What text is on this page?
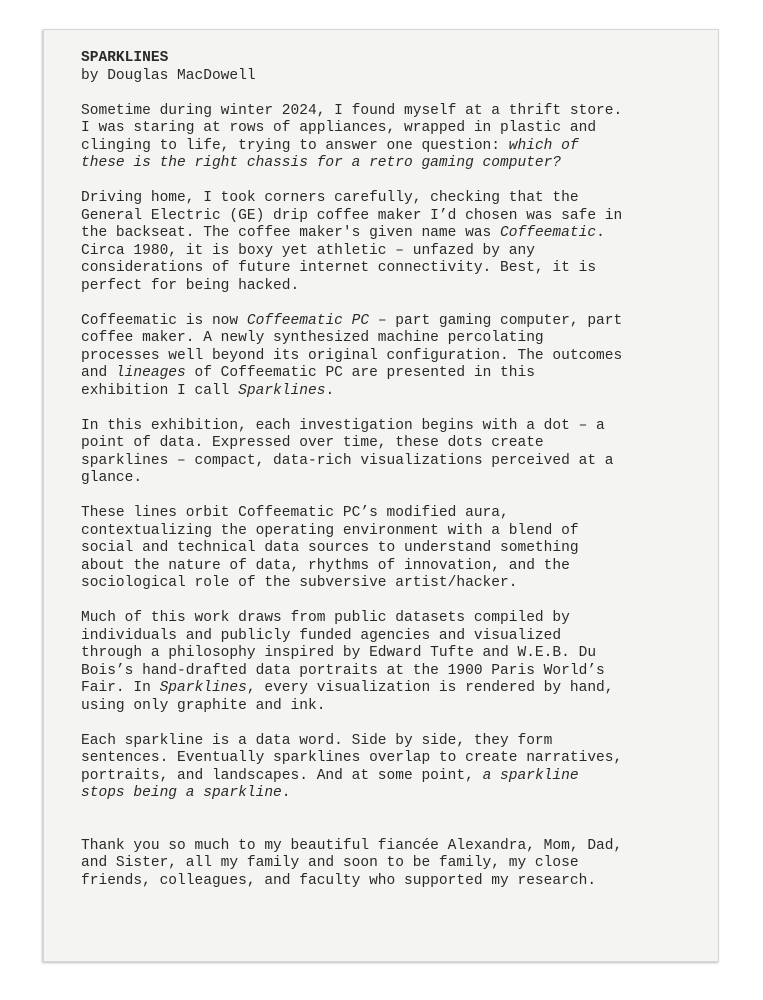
SPARKLINES
by Douglas MacDowell

Sometime during winter 2024, I found myself at a thrift store.
I was staring at rows of appliances, wrapped in plastic and
clinging to life, trying to answer one question: which of
these is the right chassis for a retro gaming computer?

Driving home, I took corners carefully, checking that the
General Electric (GE) drip coffee maker I’d chosen was safe in
the backseat. The coffee maker's given name was Coffeematic.
Circa 1980, it is boxy yet athletic – unfazed by any
considerations of future internet connectivity. Best, it is
perfect for being hacked.

Coffeematic is now Coffeematic PC – part gaming computer, part
coffee maker. A newly synthesized machine percolating
processes well beyond its original configuration. The outcomes
and lineages of Coffeematic PC are presented in this
exhibition I call Sparklines.

In this exhibition, each investigation begins with a dot – a
point of data. Expressed over time, these dots create
sparklines – compact, data-rich visualizations perceived at a
glance.

These lines orbit Coffeematic PC’s modified aura,
contextualizing the operating environment with a blend of
social and technical data sources to understand something
about the nature of data, rhythms of innovation, and the
sociological role of the subversive artist/hacker.

Much of this work draws from public datasets compiled by
individuals and publicly funded agencies and visualized
through a philosophy inspired by Edward Tufte and W.E.B. Du
Bois’s hand-drafted data portraits at the 1900 Paris World’s
Fair. In Sparklines, every visualization is rendered by hand,
using only graphite and ink.

Each sparkline is a data word. Side by side, they form
sentences. Eventually sparklines overlap to create narratives,
portraits, and landscapes. And at some point, a sparkline
stops being a sparkline.

Thank you so much to my beautiful fiancée Alexandra, Mom, Dad,
and Sister, all my family and soon to be family, my close
friends, colleagues, and faculty who supported my research.
